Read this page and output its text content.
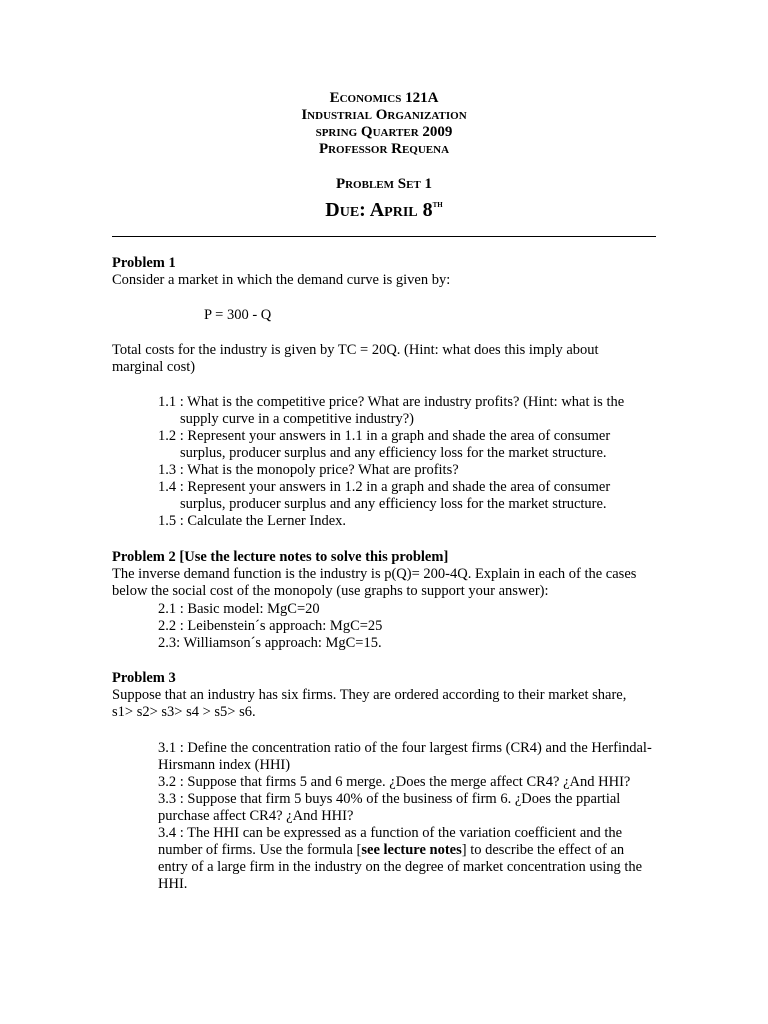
Economics 121A
Industrial Organization
spring Quarter 2009
Professor Requena
Problem Set 1
Due: April 8th
Problem 1
Consider a market in which the demand curve is given by:
P = 300 - Q
Total costs for the industry is given by TC = 20Q. (Hint: what does this imply about
marginal cost)
1.1 : What is the competitive price? What are industry profits? (Hint: what is the
supply curve in a competitive industry?)
1.2 : Represent your answers in 1.1 in a graph and shade the area of consumer
surplus, producer surplus and any efficiency loss for the market structure.
1.3 : What is the monopoly price? What are profits?
1.4 : Represent your answers in 1.2 in a graph and shade the area of consumer
surplus, producer surplus and any efficiency loss for the market structure.
1.5 : Calculate the Lerner Index.
Problem 2 [Use the lecture notes to solve this problem]
The inverse demand function is the industry is p(Q)= 200-4Q. Explain in each of the cases
below the social cost of the monopoly (use graphs to support your answer):
2.1 : Basic model: MgC=20
2.2 : Leibenstein´s approach: MgC=25
2.3: Williamson´s approach: MgC=15.
Problem 3
Suppose that an industry has six firms. They are ordered according to their market share,
s1> s2> s3> s4 > s5> s6.
3.1 : Define the concentration ratio of the four largest firms (CR4) and the Herfindal-
Hirsmann index (HHI)
3.2 : Suppose that firms 5 and 6 merge. ¿Does the merge affect CR4? ¿And HHI?
3.3 : Suppose that firm 5 buys 40% of the business of firm 6. ¿Does the ppartial
purchase affect CR4? ¿And HHI?
3.4 : The HHI can be expressed as a function of the variation coefficient and the
number of firms. Use the formula [see lecture notes] to describe the effect of an
entry of a large firm in the industry on the degree of market concentration using the
HHI.
